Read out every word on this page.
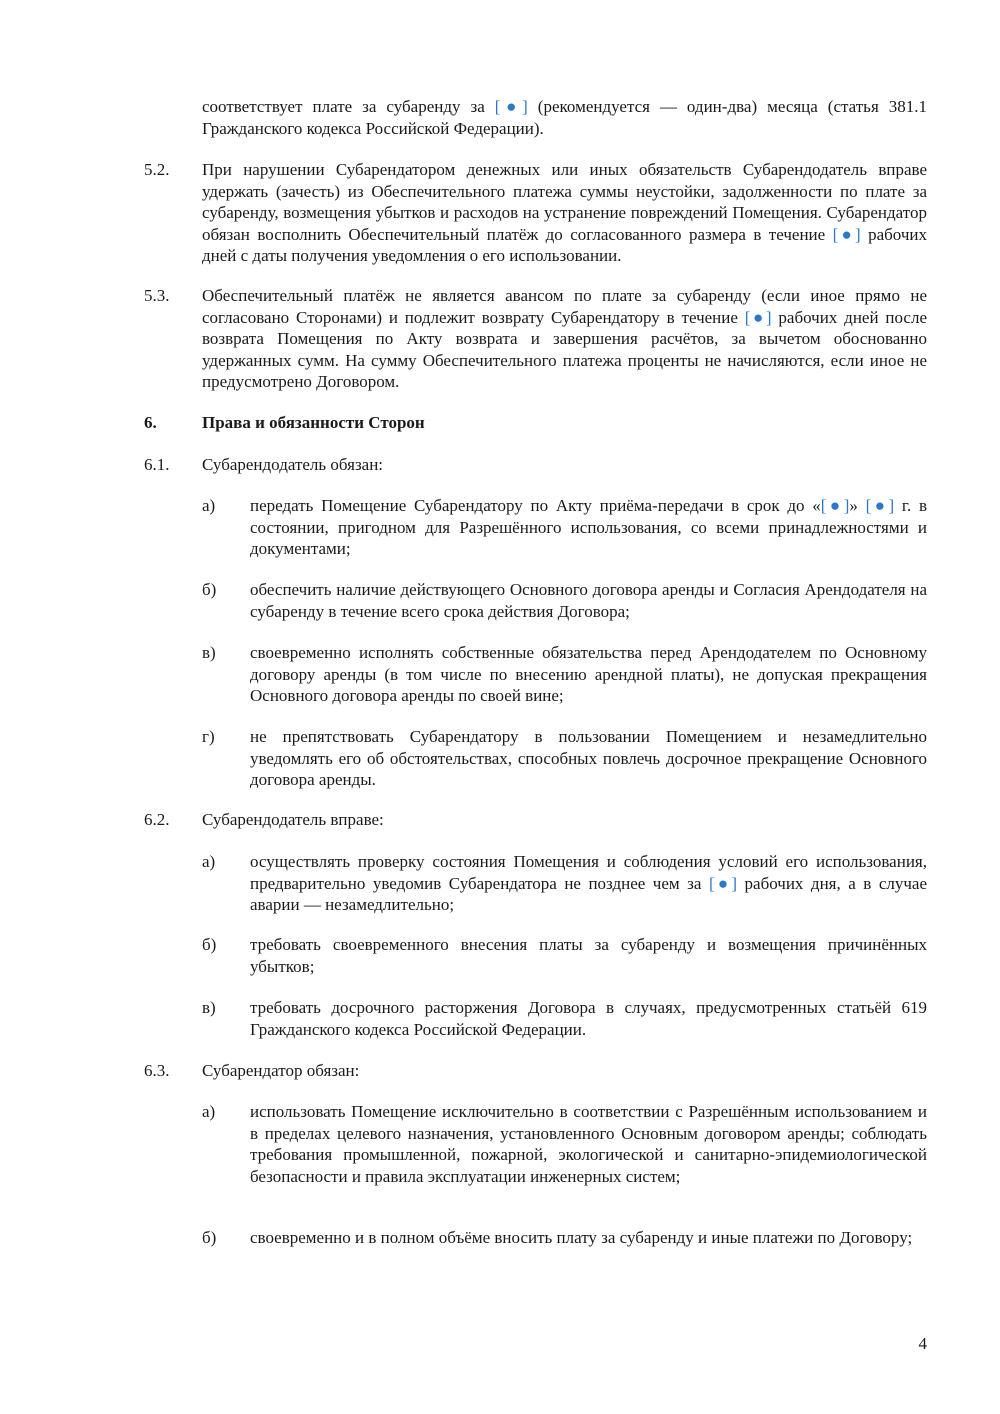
соответствует плате за субаренду за [●] (рекомендуется — один-два) месяца (статья 381.1 Гражданского кодекса Российской Федерации).
5.2. При нарушении Субарендатором денежных или иных обязательств Субарендодатель вправе удержать (зачесть) из Обеспечительного платежа суммы неустойки, задолженности по плате за субаренду, возмещения убытков и расходов на устранение повреждений Помещения. Субарендатор обязан восполнить Обеспечительный платёж до согласованного размера в течение [●] рабочих дней с даты получения уведомления о его использовании.
5.3. Обеспечительный платёж не является авансом по плате за субаренду (если иное прямо не согласовано Сторонами) и подлежит возврату Субарендатору в течение [●] рабочих дней после возврата Помещения по Акту возврата и завершения расчётов, за вычетом обоснованно удержанных сумм. На сумму Обеспечительного платежа проценты не начисляются, если иное не предусмотрено Договором.
6.	Права и обязанности Сторон
6.1. Субарендодатель обязан:
а) передать Помещение Субарендатору по Акту приёма-передачи в срок до «[●]» [●] г. в состоянии, пригодном для Разрешённого использования, со всеми принадлежностями и документами;
б) обеспечить наличие действующего Основного договора аренды и Согласия Арендодателя на субаренду в течение всего срока действия Договора;
в) своевременно исполнять собственные обязательства перед Арендодателем по Основному договору аренды (в том числе по внесению арендной платы), не допуская прекращения Основного договора аренды по своей вине;
г) не препятствовать Субарендатору в пользовании Помещением и незамедлительно уведомлять его об обстоятельствах, способных повлечь досрочное прекращение Основного договора аренды.
6.2. Субарендодатель вправе:
а) осуществлять проверку состояния Помещения и соблюдения условий его использования, предварительно уведомив Субарендатора не позднее чем за [●] рабочих дня, а в случае аварии — незамедлительно;
б) требовать своевременного внесения платы за субаренду и возмещения причинённых убытков;
в) требовать досрочного расторжения Договора в случаях, предусмотренных статьёй 619 Гражданского кодекса Российской Федерации.
6.3. Субарендатор обязан:
а) использовать Помещение исключительно в соответствии с Разрешённым использованием и в пределах целевого назначения, установленного Основным договором аренды; соблюдать требования промышленной, пожарной, экологической и санитарно-эпидемиологической безопасности и правила эксплуатации инженерных систем;
б) своевременно и в полном объёме вносить плату за субаренду и иные платежи по Договору;
4
